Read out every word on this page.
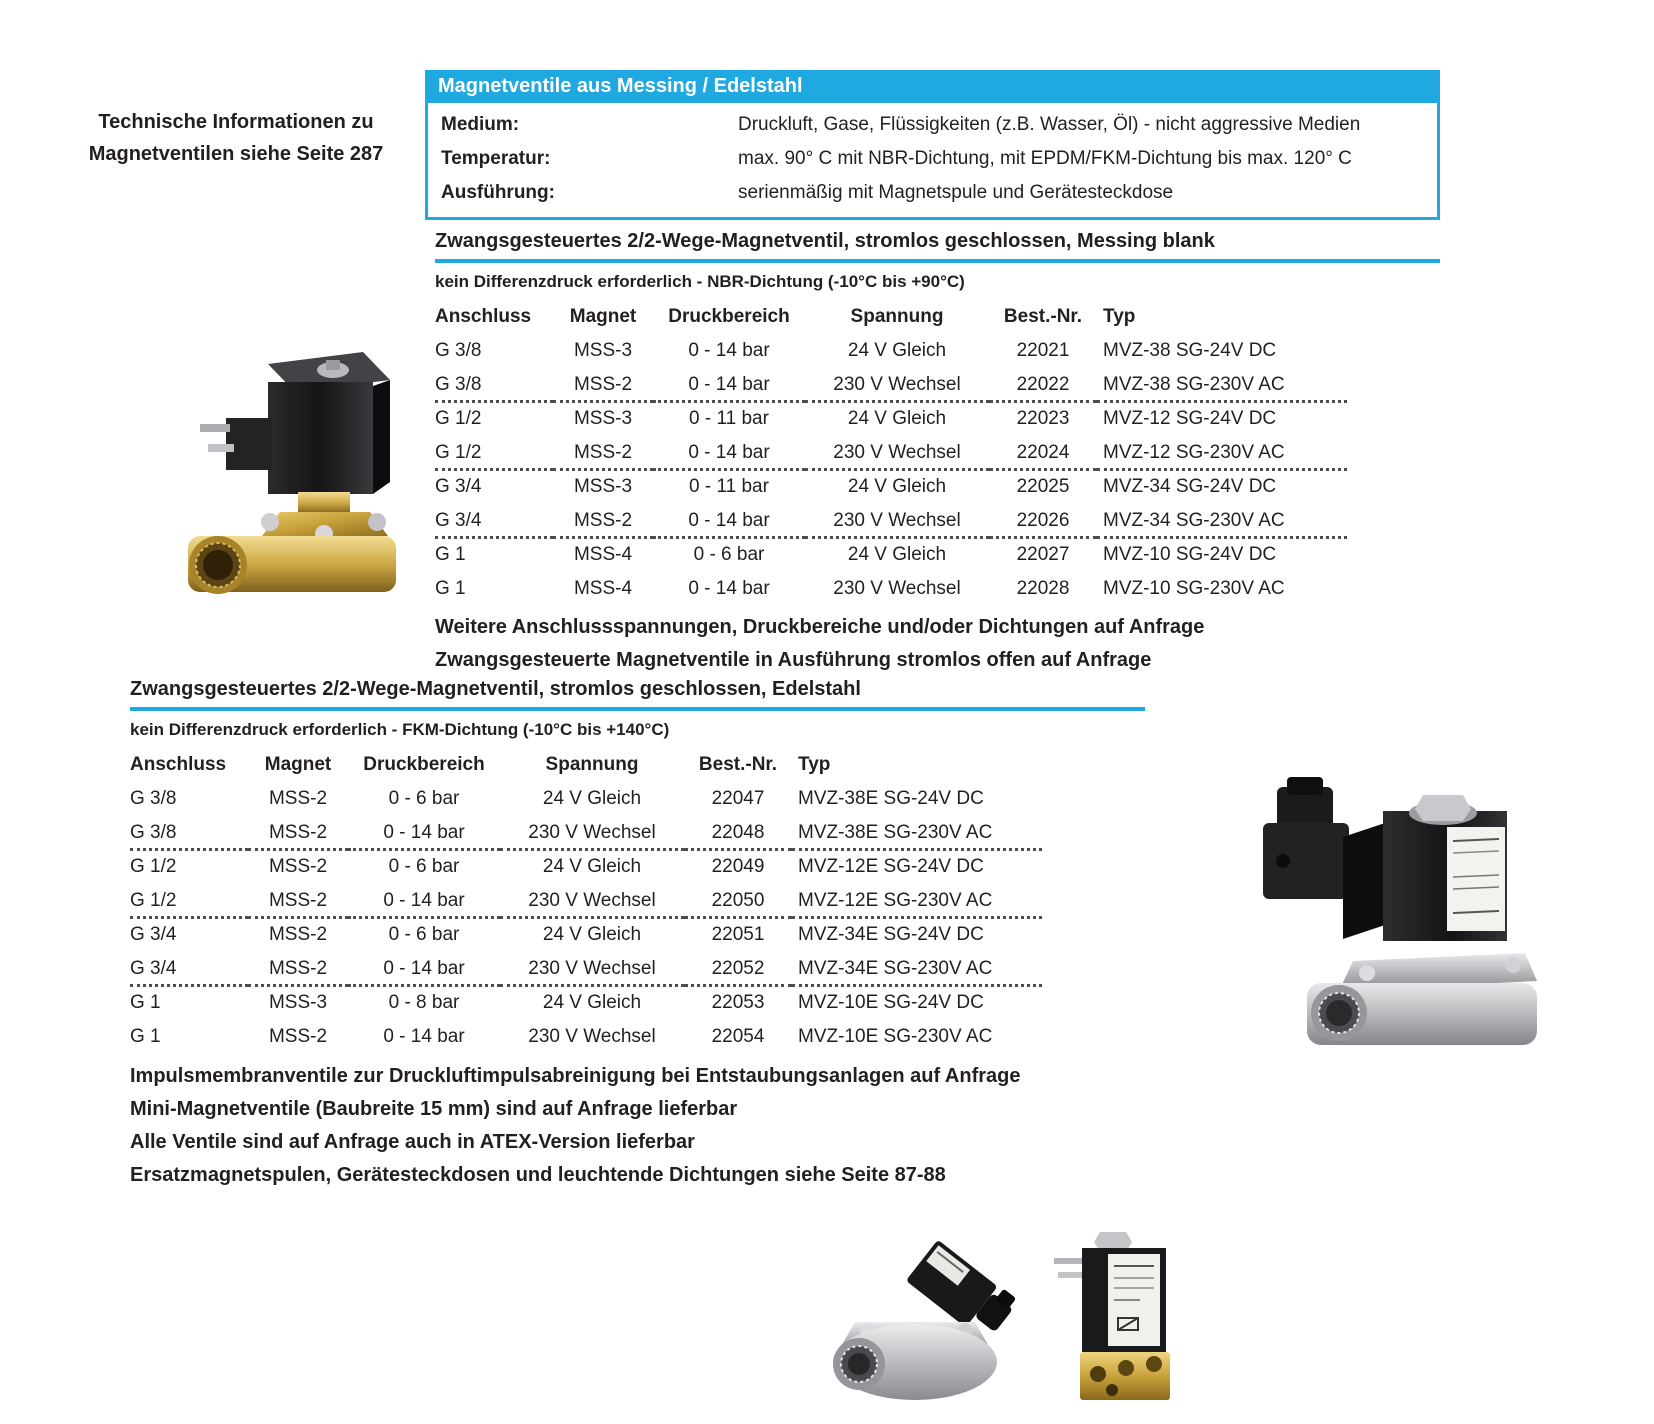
Technische Informationen zu
Magnetventilen siehe Seite 287
Magnetventile aus Messing / Edelstahl
Medium:	Druckluft, Gase, Flüssigkeiten (z.B. Wasser, Öl) - nicht aggressive Medien
Temperatur:	max. 90° C mit NBR-Dichtung, mit EPDM/FKM-Dichtung bis max. 120° C
Ausführung:	serienmäßig mit Magnetspule und Gerätesteckdose
Zwangsgesteuertes 2/2-Wege-Magnetventil, stromlos geschlossen, Messing blank
kein Differenzdruck erforderlich - NBR-Dichtung (-10°C bis +90°C)
Anschluss	Magnet	Druckbereich	Spannung	Best.-Nr.	Typ
G 3/8	MSS-3	0 - 14 bar	24 V Gleich	22021	MVZ-38 SG-24V DC
G 3/8	MSS-2	0 - 14 bar	230 V Wechsel	22022	MVZ-38 SG-230V AC
G 1/2	MSS-3	0 - 11 bar	24 V Gleich	22023	MVZ-12 SG-24V DC
G 1/2	MSS-2	0 - 14 bar	230 V Wechsel	22024	MVZ-12 SG-230V AC
G 3/4	MSS-3	0 - 11 bar	24 V Gleich	22025	MVZ-34 SG-24V DC
G 3/4	MSS-2	0 - 14 bar	230 V Wechsel	22026	MVZ-34 SG-230V AC
G 1	MSS-4	0 - 6 bar	24 V Gleich	22027	MVZ-10 SG-24V DC
G 1	MSS-4	0 - 14 bar	230 V Wechsel	22028	MVZ-10 SG-230V AC
Weitere Anschlussspannungen, Druckbereiche und/oder Dichtungen auf Anfrage
Zwangsgesteuerte Magnetventile in Ausführung stromlos offen auf Anfrage
Zwangsgesteuertes 2/2-Wege-Magnetventil, stromlos geschlossen, Edelstahl
kein Differenzdruck erforderlich - FKM-Dichtung (-10°C bis +140°C)
Anschluss	Magnet	Druckbereich	Spannung	Best.-Nr.	Typ
G 3/8	MSS-2	0 - 6 bar	24 V Gleich	22047	MVZ-38E SG-24V DC
G 3/8	MSS-2	0 - 14 bar	230 V Wechsel	22048	MVZ-38E SG-230V AC
G 1/2	MSS-2	0 - 6 bar	24 V Gleich	22049	MVZ-12E SG-24V DC
G 1/2	MSS-2	0 - 14 bar	230 V Wechsel	22050	MVZ-12E SG-230V AC
G 3/4	MSS-2	0 - 6 bar	24 V Gleich	22051	MVZ-34E SG-24V DC
G 3/4	MSS-2	0 - 14 bar	230 V Wechsel	22052	MVZ-34E SG-230V AC
G 1	MSS-3	0 - 8 bar	24 V Gleich	22053	MVZ-10E SG-24V DC
G 1	MSS-2	0 - 14 bar	230 V Wechsel	22054	MVZ-10E SG-230V AC
Impulsmembranventile zur Druckluftimpulsabreinigung bei Entstaubungsanlagen auf Anfrage
Mini-Magnetventile (Baubreite 15 mm) sind auf Anfrage lieferbar
Alle Ventile sind auf Anfrage auch in ATEX-Version lieferbar
Ersatzmagnetspulen, Gerätesteckdosen und leuchtende Dichtungen siehe Seite 87-88
